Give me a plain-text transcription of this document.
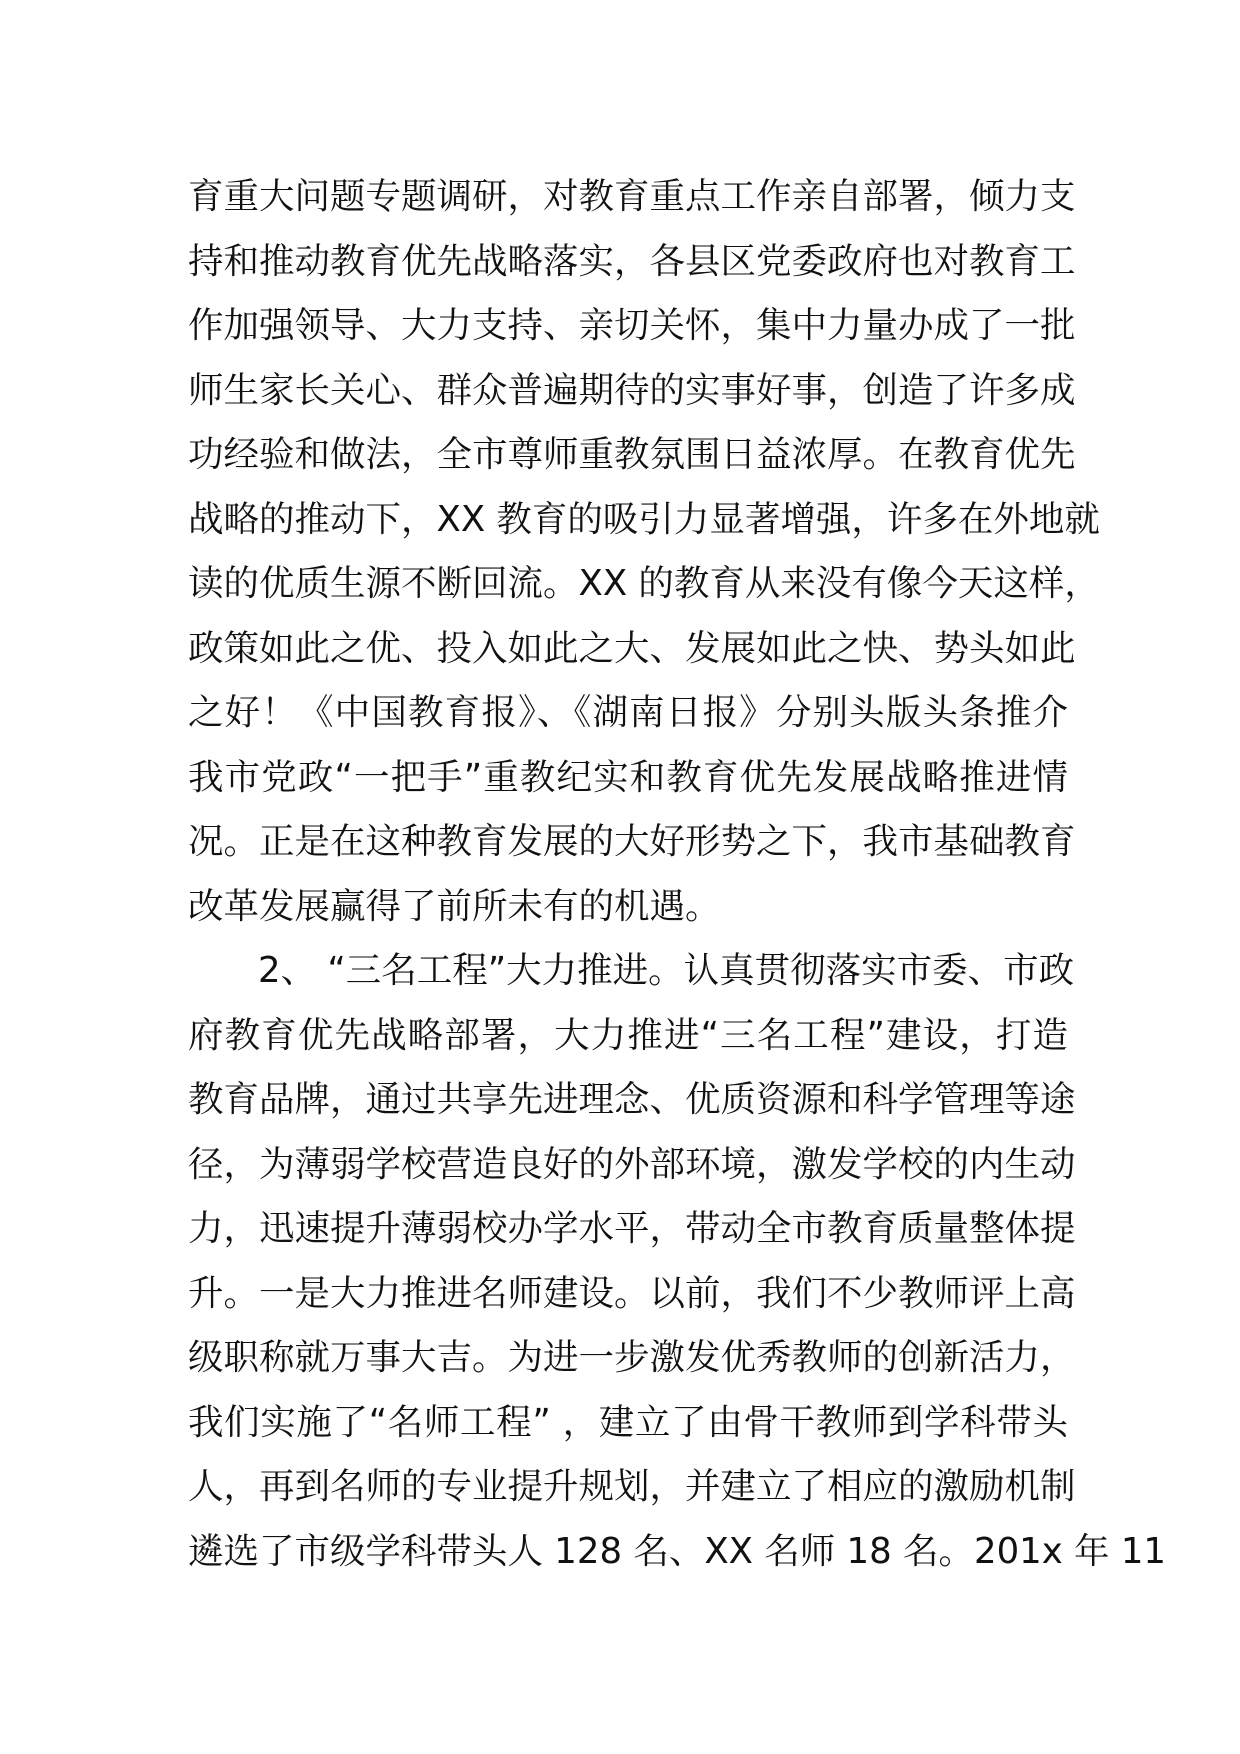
育重大问题专题调研，对教育重点工作亲自部署，倾力支
持和推动教育优先战略落实，各县区党委政府也对教育工
作加强领导、大力支持、亲切关怀，集中力量办成了一批
师生家长关心、群众普遍期待的实事好事，创造了许多成
功经验和做法，全市尊师重教氛围日益浓厚。在教育优先
战略的推动下，XX 教育的吸引力显著增强，许多在外地就
读的优质生源不断回流。XX 的教育从来没有像今天这样，
政策如此之优、投入如此之大、发展如此之快、势头如此
之好！《中国教育报》、《湖南日报》分别头版头条推介
我市党政“一把手”重教纪实和教育优先发展战略推进情
况。正是在这种教育发展的大好形势之下，我市基础教育
改革发展赢得了前所未有的机遇。
2、 “三名工程”大力推进。认真贯彻落实市委、市政
府教育优先战略部署，大力推进“三名工程”建设，打造
教育品牌，通过共享先进理念、优质资源和科学管理等途
径，为薄弱学校营造良好的外部环境，激发学校的内生动
力，迅速提升薄弱校办学水平，带动全市教育质量整体提
升。一是大力推进名师建设。以前，我们不少教师评上高
级职称就万事大吉。为进一步激发优秀教师的创新活力，
我们实施了“名师工程” ，建立了由骨干教师到学科带头
人，再到名师的专业提升规划，并建立了相应的激励机制
遴选了市级学科带头人 128 名、XX 名师 18 名。201x 年 11
